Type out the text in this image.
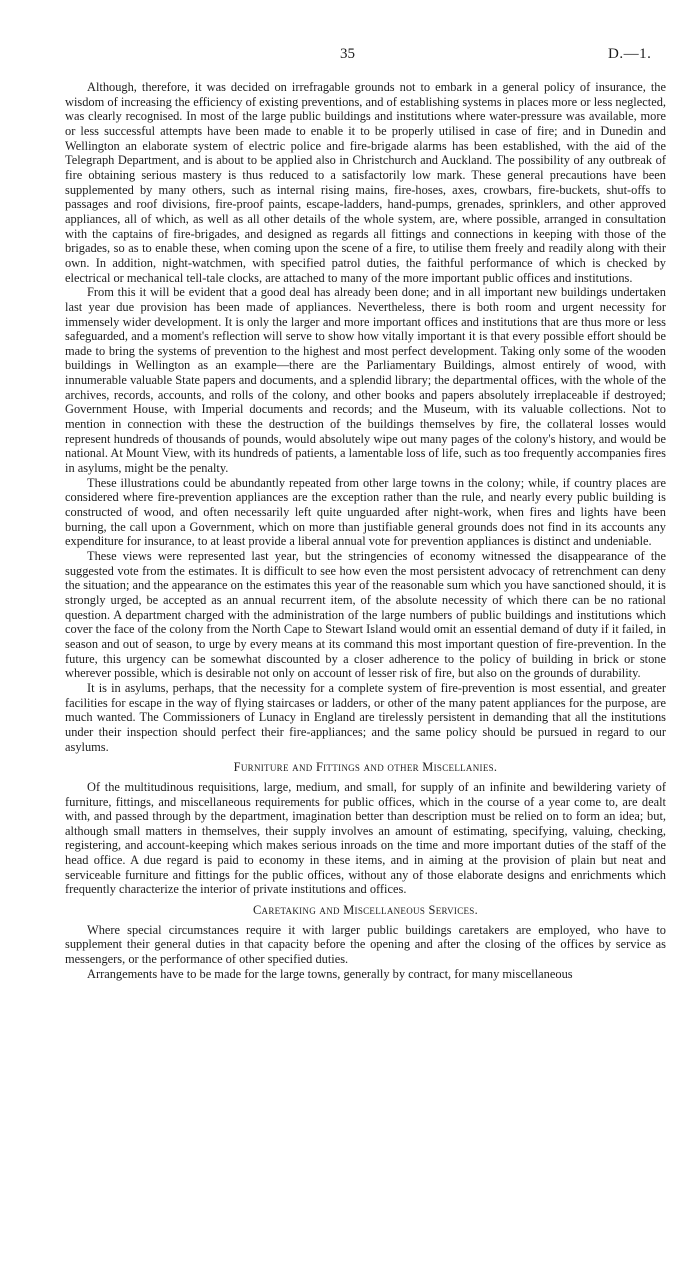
35	D.—1.

Although, therefore, it was decided on irrefragable grounds not to embark in a general policy of insurance, the wisdom of increasing the efficiency of existing preventions, and of establishing systems in places more or less neglected, was clearly recognised. In most of the large public buildings and institutions where water-pressure was available, more or less successful attempts have been made to enable it to be properly utilised in case of fire; and in Dunedin and Wellington an elaborate system of electric police and fire-brigade alarms has been established, with the aid of the Telegraph Department, and is about to be applied also in Christchurch and Auckland. The possibility of any outbreak of fire obtaining serious mastery is thus reduced to a satisfactorily low mark. These general precautions have been supplemented by many others, such as internal rising mains, fire-hoses, axes, crowbars, fire-buckets, shut-offs to passages and roof divisions, fire-proof paints, escape-ladders, hand-pumps, grenades, sprinklers, and other approved appliances, all of which, as well as all other details of the whole system, are, where possible, arranged in consultation with the captains of fire-brigades, and designed as regards all fittings and connections in keeping with those of the brigades, so as to enable these, when coming upon the scene of a fire, to utilise them freely and readily along with their own. In addition, night-watchmen, with specified patrol duties, the faithful performance of which is checked by electrical or mechanical tell-tale clocks, are attached to many of the more important public offices and institutions.

From this it will be evident that a good deal has already been done; and in all important new buildings undertaken last year due provision has been made of appliances. Nevertheless, there is both room and urgent necessity for immensely wider development. It is only the larger and more important offices and institutions that are thus more or less safeguarded, and a moment's reflection will serve to show how vitally important it is that every possible effort should be made to bring the systems of prevention to the highest and most perfect development. Taking only some of the wooden buildings in Wellington as an example—there are the Parliamentary Buildings, almost entirely of wood, with innumerable valuable State papers and documents, and a splendid library; the departmental offices, with the whole of the archives, records, accounts, and rolls of the colony, and other books and papers absolutely irreplaceable if destroyed; Government House, with Imperial documents and records; and the Museum, with its valuable collections. Not to mention in connection with these the destruction of the buildings themselves by fire, the collateral losses would represent hundreds of thousands of pounds, would absolutely wipe out many pages of the colony's history, and would be national. At Mount View, with its hundreds of patients, a lamentable loss of life, such as too frequently accompanies fires in asylums, might be the penalty.

These illustrations could be abundantly repeated from other large towns in the colony; while, if country places are considered where fire-prevention appliances are the exception rather than the rule, and nearly every public building is constructed of wood, and often necessarily left quite unguarded after night-work, when fires and lights have been burning, the call upon a Government, which on more than justifiable general grounds does not find in its accounts any expenditure for insurance, to at least provide a liberal annual vote for prevention appliances is distinct and undeniable.

These views were represented last year, but the stringencies of economy witnessed the disappearance of the suggested vote from the estimates. It is difficult to see how even the most persistent advocacy of retrenchment can deny the situation; and the appearance on the estimates this year of the reasonable sum which you have sanctioned should, it is strongly urged, be accepted as an annual recurrent item, of the absolute necessity of which there can be no rational question. A department charged with the administration of the large numbers of public buildings and institutions which cover the face of the colony from the North Cape to Stewart Island would omit an essential demand of duty if it failed, in season and out of season, to urge by every means at its command this most important question of fire-prevention. In the future, this urgency can be somewhat discounted by a closer adherence to the policy of building in brick or stone wherever possible, which is desirable not only on account of lesser risk of fire, but also on the grounds of durability.

It is in asylums, perhaps, that the necessity for a complete system of fire-prevention is most essential, and greater facilities for escape in the way of flying staircases or ladders, or other of the many patent appliances for the purpose, are much wanted. The Commissioners of Lunacy in England are tirelessly persistent in demanding that all the institutions under their inspection should perfect their fire-appliances; and the same policy should be pursued in regard to our asylums.

Furniture and Fittings and other Miscellanies.

Of the multitudinous requisitions, large, medium, and small, for supply of an infinite and bewildering variety of furniture, fittings, and miscellaneous requirements for public offices, which in the course of a year come to, are dealt with, and passed through by the department, imagination better than description must be relied on to form an idea; but, although small matters in themselves, their supply involves an amount of estimating, specifying, valuing, checking, registering, and account-keeping which makes serious inroads on the time and more important duties of the staff of the head office. A due regard is paid to economy in these items, and in aiming at the provision of plain but neat and serviceable furniture and fittings for the public offices, without any of those elaborate designs and enrichments which frequently characterize the interior of private institutions and offices.

Caretaking and Miscellaneous Services.

Where special circumstances require it with larger public buildings caretakers are employed, who have to supplement their general duties in that capacity before the opening and after the closing of the offices by service as messengers, or the performance of other specified duties.

Arrangements have to be made for the large towns, generally by contract, for many miscellaneous
